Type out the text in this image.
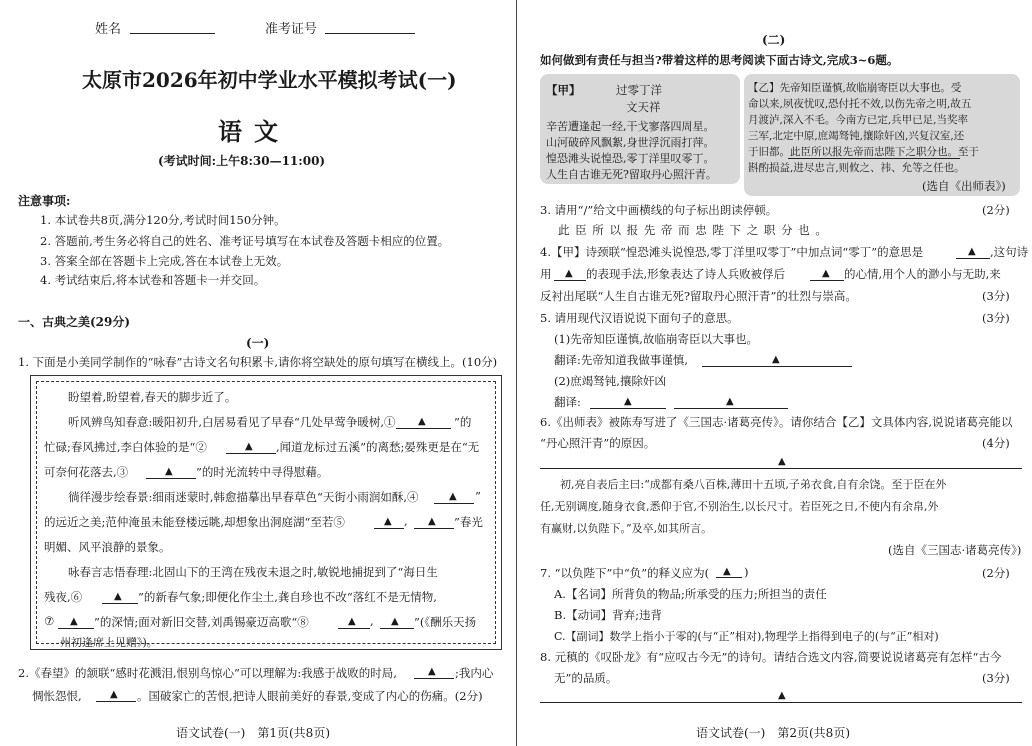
姓名	准考证号
太原市2026年初中学业水平模拟考试(一)
语文
(考试时间:上午8:30—11:00)
注意事项:
1. 本试卷共8页,满分120分,考试时间150分钟。
2. 答题前,考生务必将自己的姓名、准考证号填写在本试卷及答题卡相应的位置。
3. 答案全部在答题卡上完成,答在本试卷上无效。
4. 考试结束后,将本试卷和答题卡一并交回。
一、古典之美(29分)
(一)
1. 下面是小美同学制作的“咏春”古诗文名句积累卡,请你将空缺处的原句填写在横线上。(10分)
盼望着,盼望着,春天的脚步近了。
听风辨鸟知春意:暖阳初升,白居易看见了早春“几处早莺争暖树,① ▲ ”的
忙碌;春风拂过,李白体验的是“②	▲ ,闻道龙标过五溪”的离愁;晏殊更是在“无
可奈何花落去,③	▲ ”的时光流转中寻得慰藉。
徜徉漫步绘春景:细雨迷蒙时,韩愈描摹出早春草色“天街小雨润如酥,④	▲ ”
的远近之美;范仲淹虽未能登楼远眺,却想象出洞庭湖“至若⑤	▲ , ▲ ”春光
明媚、风平浪静的景象。
咏春言志悟春理:北固山下的王湾在残夜未退之时,敏锐地捕捉到了“海日生
残夜,⑥	▲ ”的新春气象;即便化作尘土,龚自珍也不改“落红不是无情物,
⑦ ▲ ”的深情;面对新旧交替,刘禹锡豪迈高歌“⑧	▲ , ▲ ”(《酬乐天扬
州初逢席上见赠》)。
2.《春望》的颔联“感时花溅泪,恨别鸟惊心”可以理解为:我感于战败的时局,	▲ ;我内心
惆怅怨恨,	▲ 。国破家亡的苦恨,把诗人眼前美好的春景,变成了内心的伤痛。(2分)
语文试卷(一)　第1页(共8页)
(二)
如何做到有责任与担当?带着这样的思考阅读下面古诗文,完成3~6题。
【甲】	过零丁洋
文天祥
辛苦遭逢起一经,干戈寥落四周星。
山河破碎风飘絮,身世浮沉雨打萍。
惶恐滩头说惶恐,零丁洋里叹零丁。
人生自古谁无死?留取丹心照汗青。
【乙】先帝知臣谨慎,故临崩寄臣以大事也。受
命以来,夙夜忧叹,恐付托不效,以伤先帝之明,故五
月渡泸,深入不毛。今南方已定,兵甲已足,当奖率
三军,北定中原,庶竭驽钝,攘除奸凶,兴复汉室,还
于旧都。此臣所以报先帝而忠陛下之职分也。至于
斟酌损益,进尽忠言,则攸之、祎、允等之任也。
(选自《出师表》)
3. 请用“/”给文中画横线的句子标出朗读停顿。	(2分)
此 臣 所 以 报 先 帝 而 忠 陛 下 之 职 分 也 。
4.【甲】诗颈联“惶恐滩头说惶恐,零丁洋里叹零丁”中加点词“零丁”的意思是	▲ ,这句诗
用 ▲ 的表现手法,形象表达了诗人兵败被俘后	▲ 的心情,用个人的渺小与无助,来
反衬出尾联“人生自古谁无死?留取丹心照汗青”的壮烈与崇高。	(3分)
5. 请用现代汉语说说下面句子的意思。	(3分)
(1)先帝知臣谨慎,故临崩寄臣以大事也。
翻译:先帝知道我做事谨慎,	▲
(2)庶竭驽钝,攘除奸凶
翻译:	▲	▲
6.《出师表》被陈寿写进了《三国志·诸葛亮传》。请你结合【乙】文具体内容,说说诸葛亮能以
“丹心照汗青”的原因。	(4分)
▲
初,亮自表后主曰:“成都有桑八百株,薄田十五顷,子弟衣食,自有余饶。至于臣在外
任,无别调度,随身衣食,悉仰于官,不别治生,以长尺寸。若臣死之日,不使内有余帛,外
有赢财,以负陛下。”及卒,如其所言。
(选自《三国志·诸葛亮传》)
7. “以负陛下”中“负”的释义应为( ▲ )	(2分)
A.【名词】所背负的物品;所承受的压力;所担当的责任
B.【动词】背弃;违背
C.【副词】数学上指小于零的(与“正”相对),物理学上指得到电子的(与“正”相对)
8. 元稹的《叹卧龙》有“应叹古今无”的诗句。请结合选文内容,简要说说诸葛亮有怎样“古今
无”的品质。	(3分)
▲
语文试卷(一)　第2页(共8页)
